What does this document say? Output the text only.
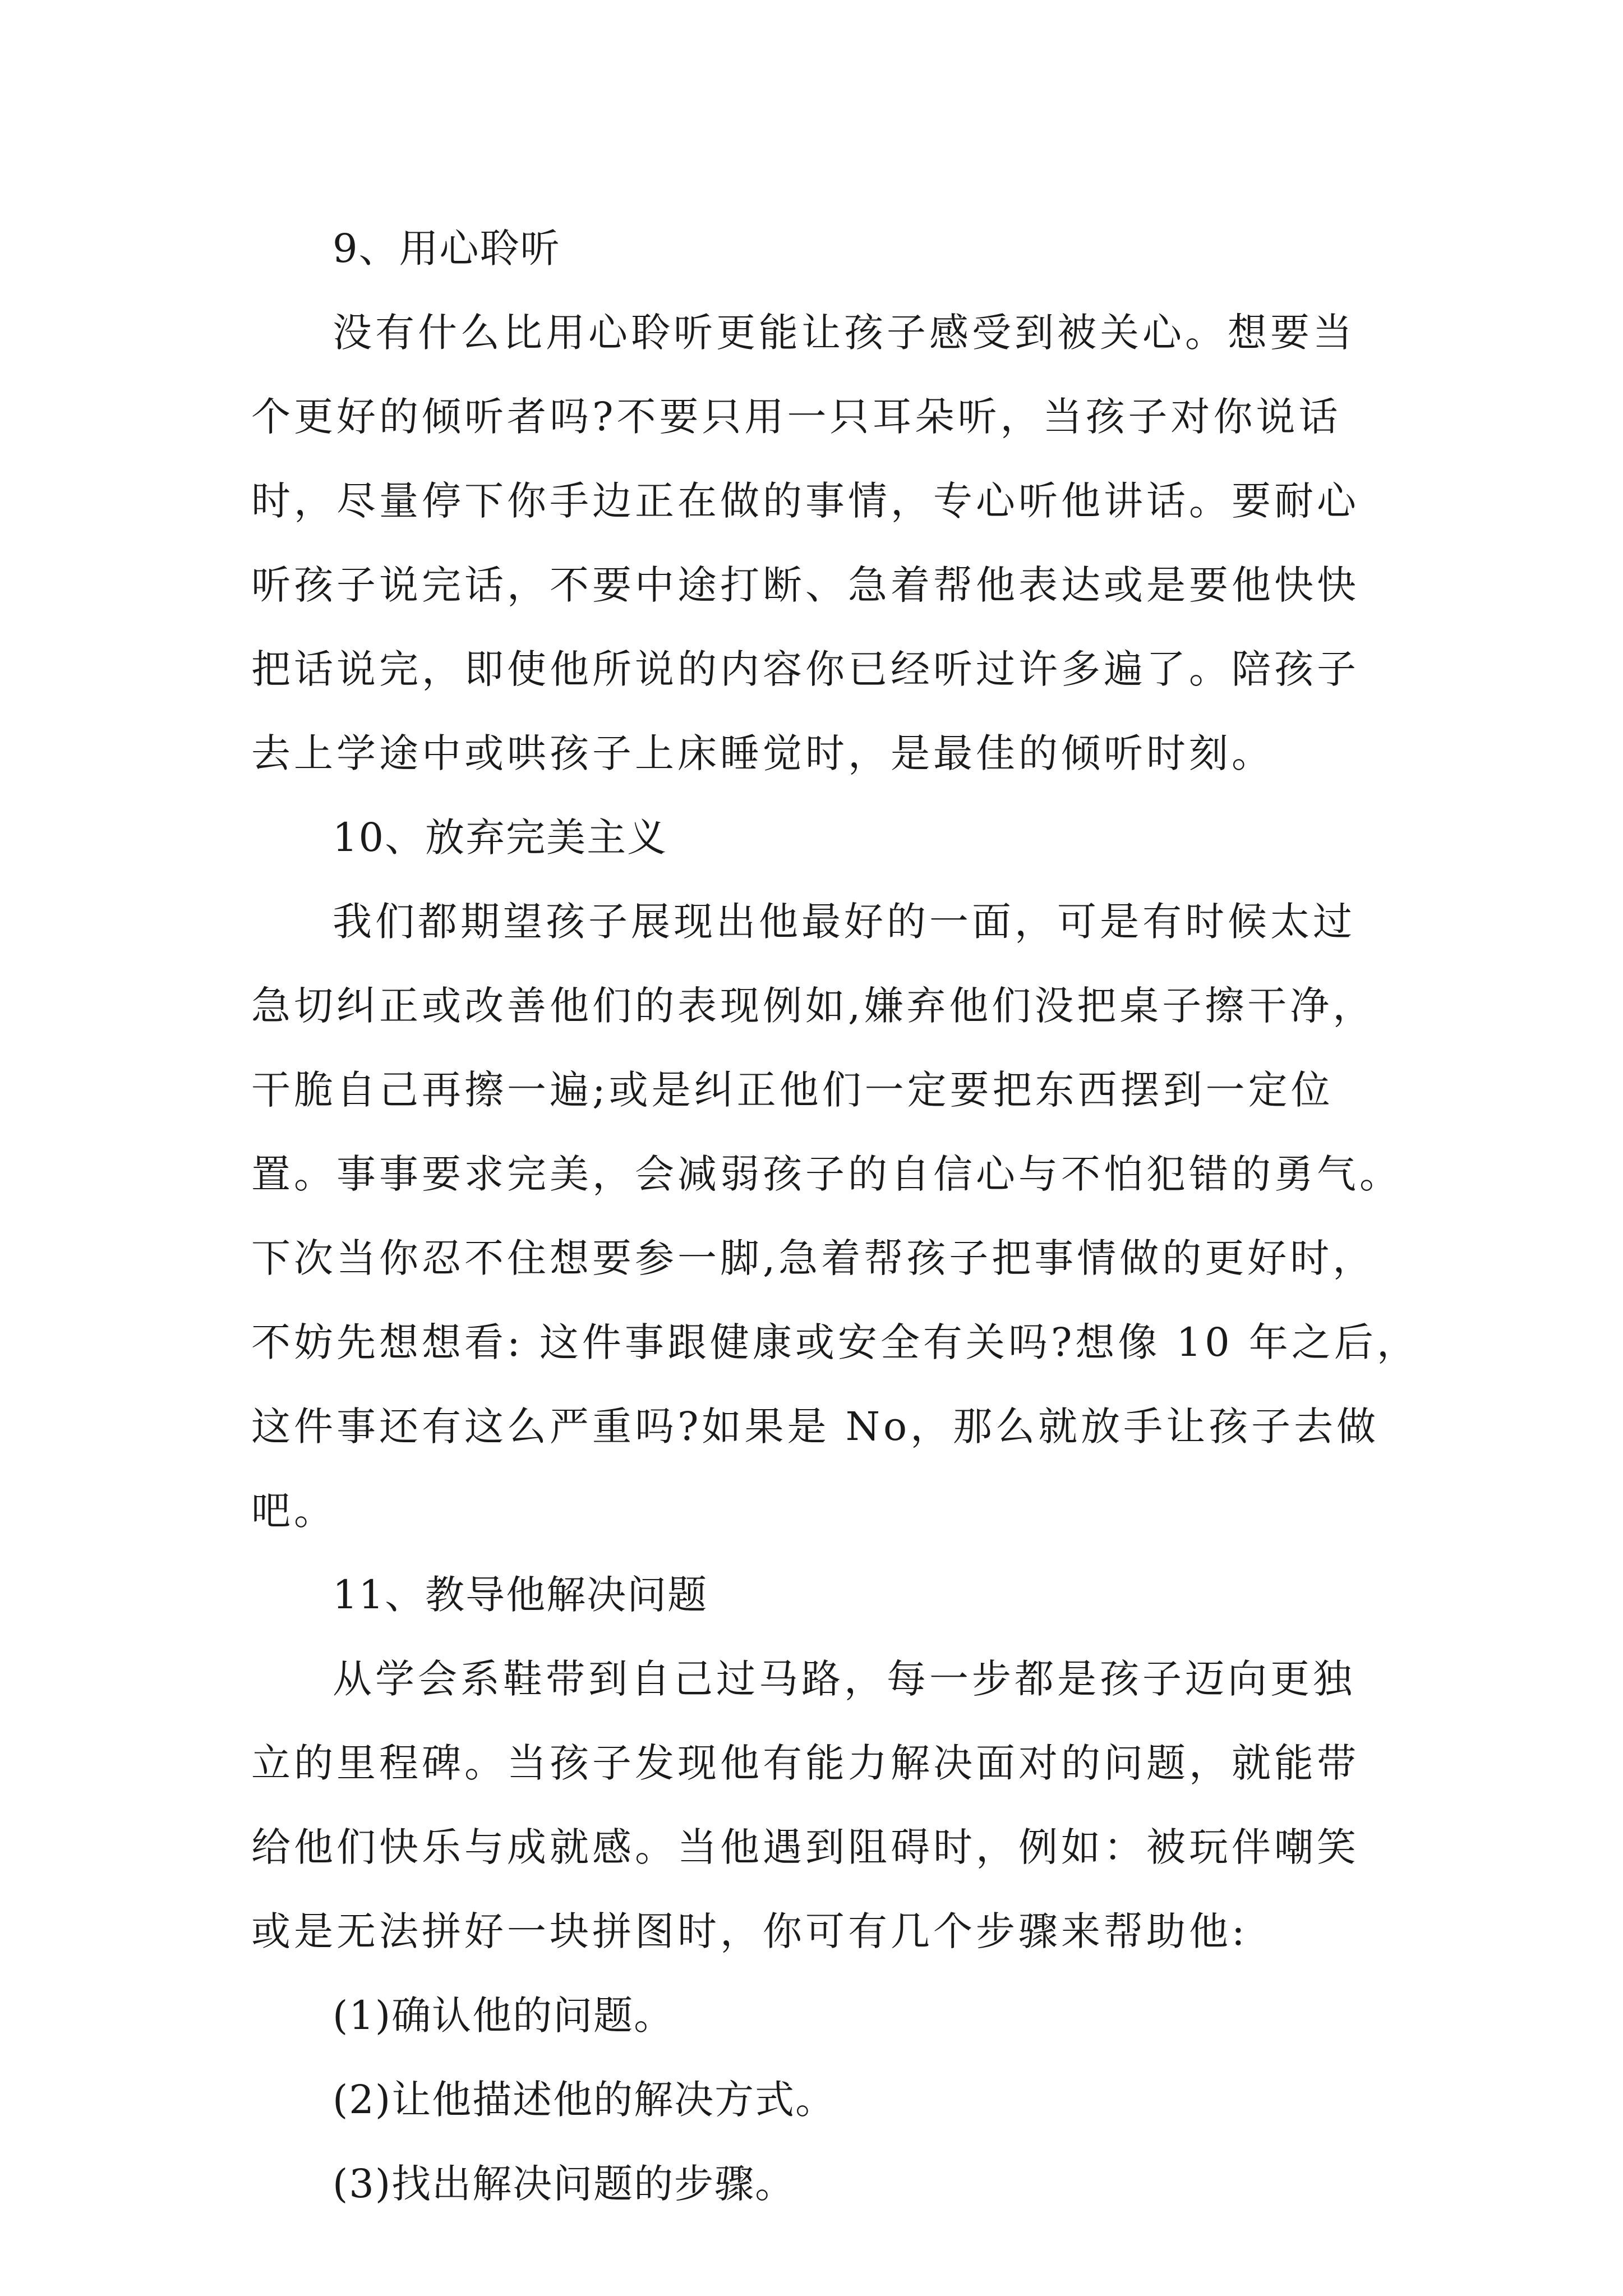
9、用心聆听

没有什么比用心聆听更能让孩子感受到被关心。想要当
个更好的倾听者吗?不要只用一只耳朵听，当孩子对你说话
时，尽量停下你手边正在做的事情，专心听他讲话。要耐心
听孩子说完话，不要中途打断、急着帮他表达或是要他快快
把话说完，即使他所说的内容你已经听过许多遍了。陪孩子
去上学途中或哄孩子上床睡觉时，是最佳的倾听时刻。

10、放弃完美主义

我们都期望孩子展现出他最好的一面，可是有时候太过
急切纠正或改善他们的表现例如,嫌弃他们没把桌子擦干净，
干脆自己再擦一遍;或是纠正他们一定要把东西摆到一定位
置。事事要求完美，会减弱孩子的自信心与不怕犯错的勇气。
下次当你忍不住想要参一脚,急着帮孩子把事情做的更好时，
不妨先想想看: 这件事跟健康或安全有关吗?想像 10 年之后，
这件事还有这么严重吗?如果是 No，那么就放手让孩子去做
吧。

11、教导他解决问题

从学会系鞋带到自己过马路，每一步都是孩子迈向更独
立的里程碑。当孩子发现他有能力解决面对的问题，就能带
给他们快乐与成就感。当他遇到阻碍时，例如：被玩伴嘲笑
或是无法拼好一块拼图时，你可有几个步骤来帮助他:

(1)确认他的问题。

(2)让他描述他的解决方式。

(3)找出解决问题的步骤。
